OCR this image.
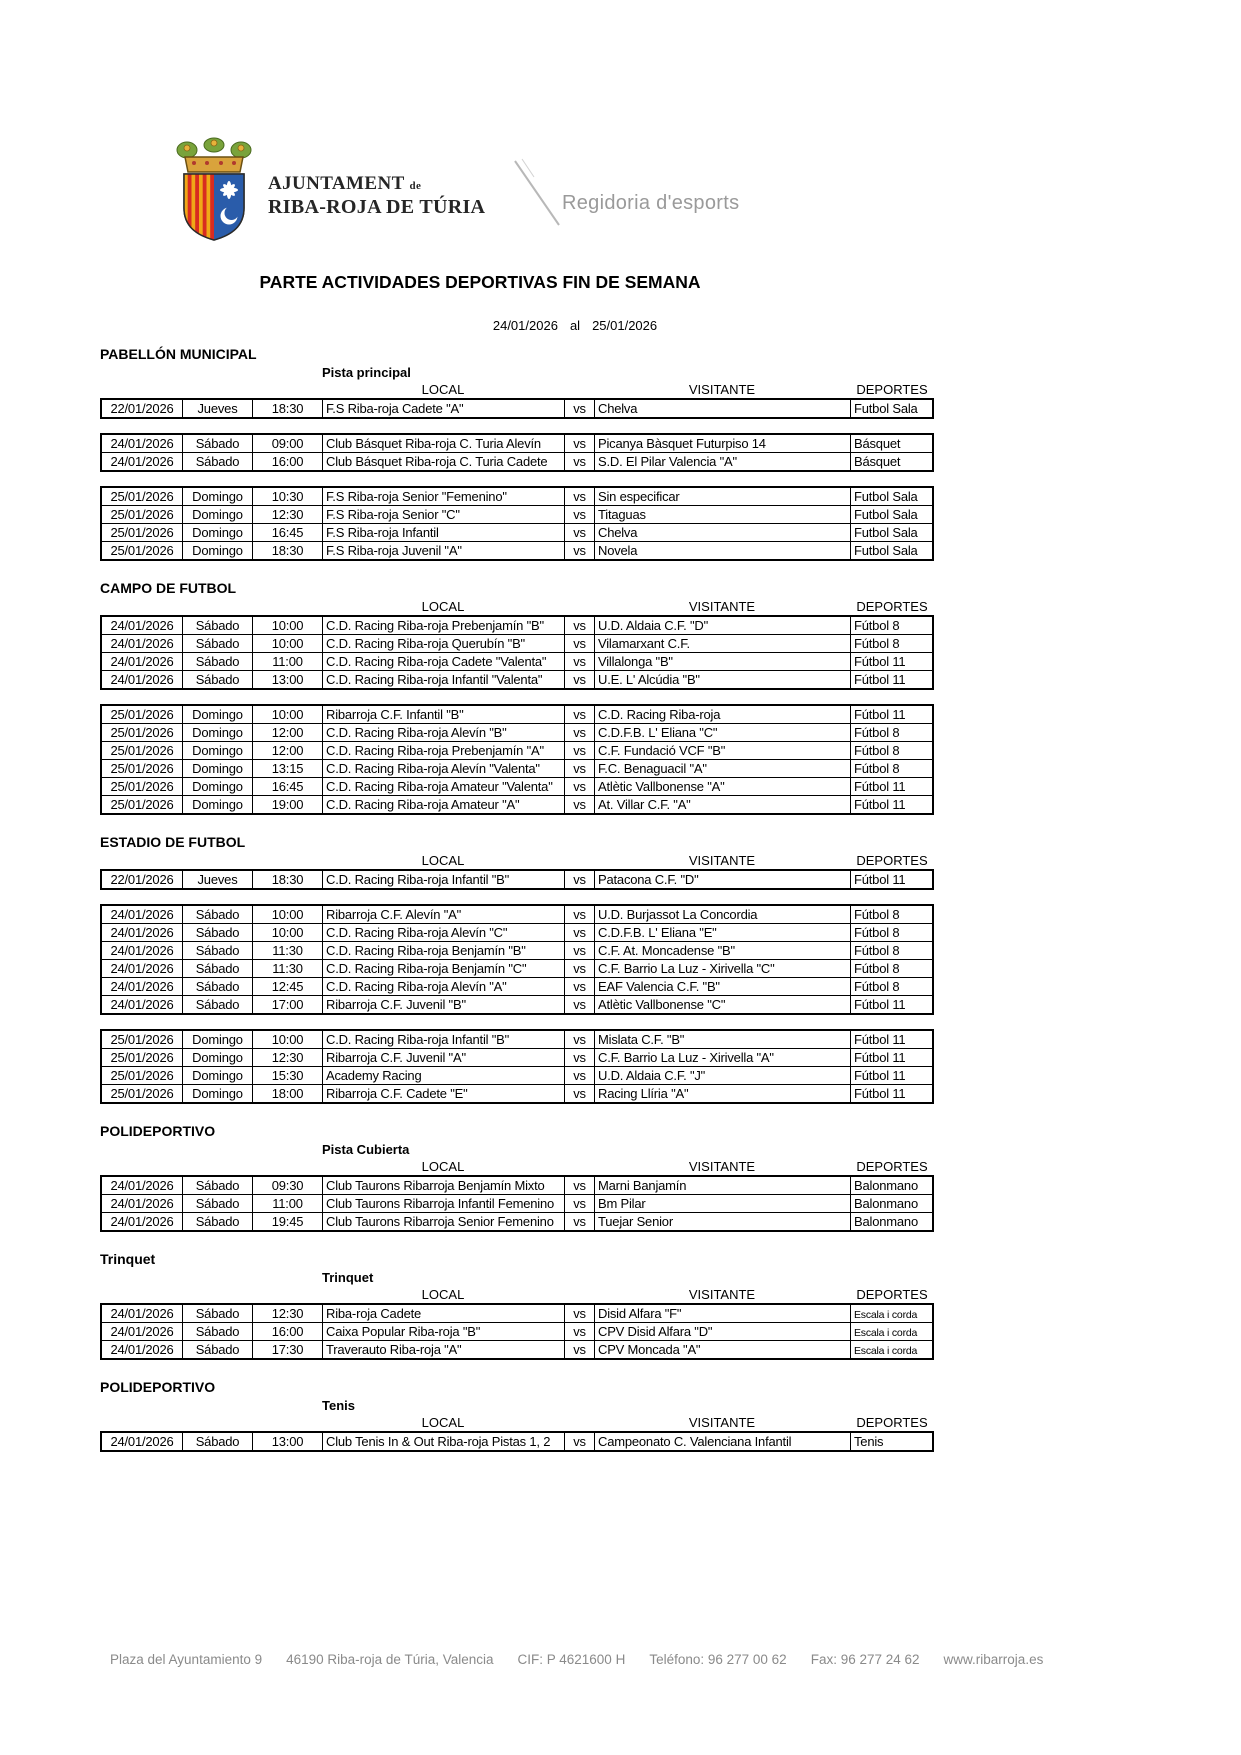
AJUNTAMENT de
RIBA-ROJA DE TÚRIA	Regidoria d'esports
PARTE ACTIVIDADES DEPORTIVAS FIN DE SEMANA
24/01/2026 al 25/01/2026
PABELLÓN MUNICIPAL
Pista principal
LOCAL	VISITANTE	DEPORTES
22/01/2026	Jueves	18:30	F.S Riba-roja Cadete "A"	vs Chelva	Futbol Sala
24/01/2026	Sábado	09:00	Club Básquet Riba-roja C. Turia Alevín	vs Picanya Bàsquet Futurpiso 14	Básquet
24/01/2026	Sábado	16:00	Club Básquet Riba-roja C. Turia Cadete	vs S.D. El Pilar Valencia "A"	Básquet
25/01/2026	Domingo	10:30	F.S Riba-roja Senior "Femenino"	vs Sin especificar	Futbol Sala
25/01/2026	Domingo	12:30	F.S Riba-roja Senior "C"	vs Titaguas	Futbol Sala
25/01/2026	Domingo	16:45	F.S Riba-roja Infantil	vs Chelva	Futbol Sala
25/01/2026	Domingo	18:30	F.S Riba-roja Juvenil "A"	vs Novela	Futbol Sala
CAMPO DE FUTBOL
LOCAL	VISITANTE	DEPORTES
24/01/2026	Sábado	10:00	C.D. Racing Riba-roja Prebenjamín "B"	vs U.D. Aldaia C.F. "D"	Fútbol 8
24/01/2026	Sábado	10:00	C.D. Racing Riba-roja Querubín "B"	vs Vilamarxant C.F.	Fútbol 8
24/01/2026	Sábado	11:00	C.D. Racing Riba-roja Cadete "Valenta"	vs Villalonga "B"	Fútbol 11
24/01/2026	Sábado	13:00	C.D. Racing Riba-roja Infantil "Valenta"	vs U.E. L' Alcúdia "B"	Fútbol 11
25/01/2026	Domingo	10:00	Ribarroja C.F. Infantil "B"	vs C.D. Racing Riba-roja	Fútbol 11
25/01/2026	Domingo	12:00	C.D. Racing Riba-roja Alevín "B"	vs C.D.F.B. L' Eliana "C"	Fútbol 8
25/01/2026	Domingo	12:00	C.D. Racing Riba-roja Prebenjamín "A"	vs C.F. Fundació VCF "B"	Fútbol 8
25/01/2026	Domingo	13:15	C.D. Racing Riba-roja Alevín "Valenta"	vs F.C. Benaguacil "A"	Fútbol 8
25/01/2026	Domingo	16:45	C.D. Racing Riba-roja Amateur "Valenta"	vs Atlètic Vallbonense "A"	Fútbol 11
25/01/2026	Domingo	19:00	C.D. Racing Riba-roja Amateur "A"	vs At. Villar C.F. "A"	Fútbol 11
ESTADIO DE FUTBOL
LOCAL	VISITANTE	DEPORTES
22/01/2026	Jueves	18:30	C.D. Racing Riba-roja Infantil "B"	vs Patacona C.F. "D"	Fútbol 11
24/01/2026	Sábado	10:00	Ribarroja C.F. Alevín "A"	vs U.D. Burjassot La Concordia	Fútbol 8
24/01/2026	Sábado	10:00	C.D. Racing Riba-roja Alevín "C"	vs C.D.F.B. L' Eliana "E"	Fútbol 8
24/01/2026	Sábado	11:30	C.D. Racing Riba-roja Benjamín "B"	vs C.F. At. Moncadense "B"	Fútbol 8
24/01/2026	Sábado	11:30	C.D. Racing Riba-roja Benjamín "C"	vs C.F. Barrio La Luz - Xirivella "C"	Fútbol 8
24/01/2026	Sábado	12:45	C.D. Racing Riba-roja Alevín "A"	vs EAF Valencia C.F. "B"	Fútbol 8
24/01/2026	Sábado	17:00	Ribarroja C.F. Juvenil "B"	vs Atlètic Vallbonense "C"	Fútbol 11
25/01/2026	Domingo	10:00	C.D. Racing Riba-roja Infantil "B"	vs Mislata C.F. "B"	Fútbol 11
25/01/2026	Domingo	12:30	Ribarroja C.F. Juvenil "A"	vs C.F. Barrio La Luz - Xirivella "A"	Fútbol 11
25/01/2026	Domingo	15:30	Academy Racing	vs U.D. Aldaia C.F. "J"	Fútbol 11
25/01/2026	Domingo	18:00	Ribarroja C.F. Cadete "E"	vs Racing Llíria "A"	Fútbol 11
POLIDEPORTIVO
Pista Cubierta
LOCAL	VISITANTE	DEPORTES
24/01/2026	Sábado	09:30	Club Taurons Ribarroja Benjamín Mixto	vs Marni Banjamín	Balonmano
24/01/2026	Sábado	11:00	Club Taurons Ribarroja Infantil Femenino	vs Bm Pilar	Balonmano
24/01/2026	Sábado	19:45	Club Taurons Ribarroja Senior Femenino	vs Tuejar Senior	Balonmano
Trinquet
Trinquet
LOCAL	VISITANTE	DEPORTES
24/01/2026	Sábado	12:30	Riba-roja Cadete	vs Disid Alfara "F"	Escala i corda
24/01/2026	Sábado	16:00	Caixa Popular Riba-roja "B"	vs CPV Disid Alfara "D"	Escala i corda
24/01/2026	Sábado	17:30	Traverauto Riba-roja "A"	vs CPV Moncada "A"	Escala i corda
POLIDEPORTIVO
Tenis
LOCAL	VISITANTE	DEPORTES
24/01/2026	Sábado	13:00	Club Tenis In & Out Riba-roja Pistas 1, 2	vs Campeonato C. Valenciana Infantil	Tenis
Plaza del Ayuntamiento 9 46190 Riba-roja de Túria, Valencia CIF: P 4621600 H Teléfono: 96 277 00 62 Fax: 96 277 24 62 www.ribarroja.es
